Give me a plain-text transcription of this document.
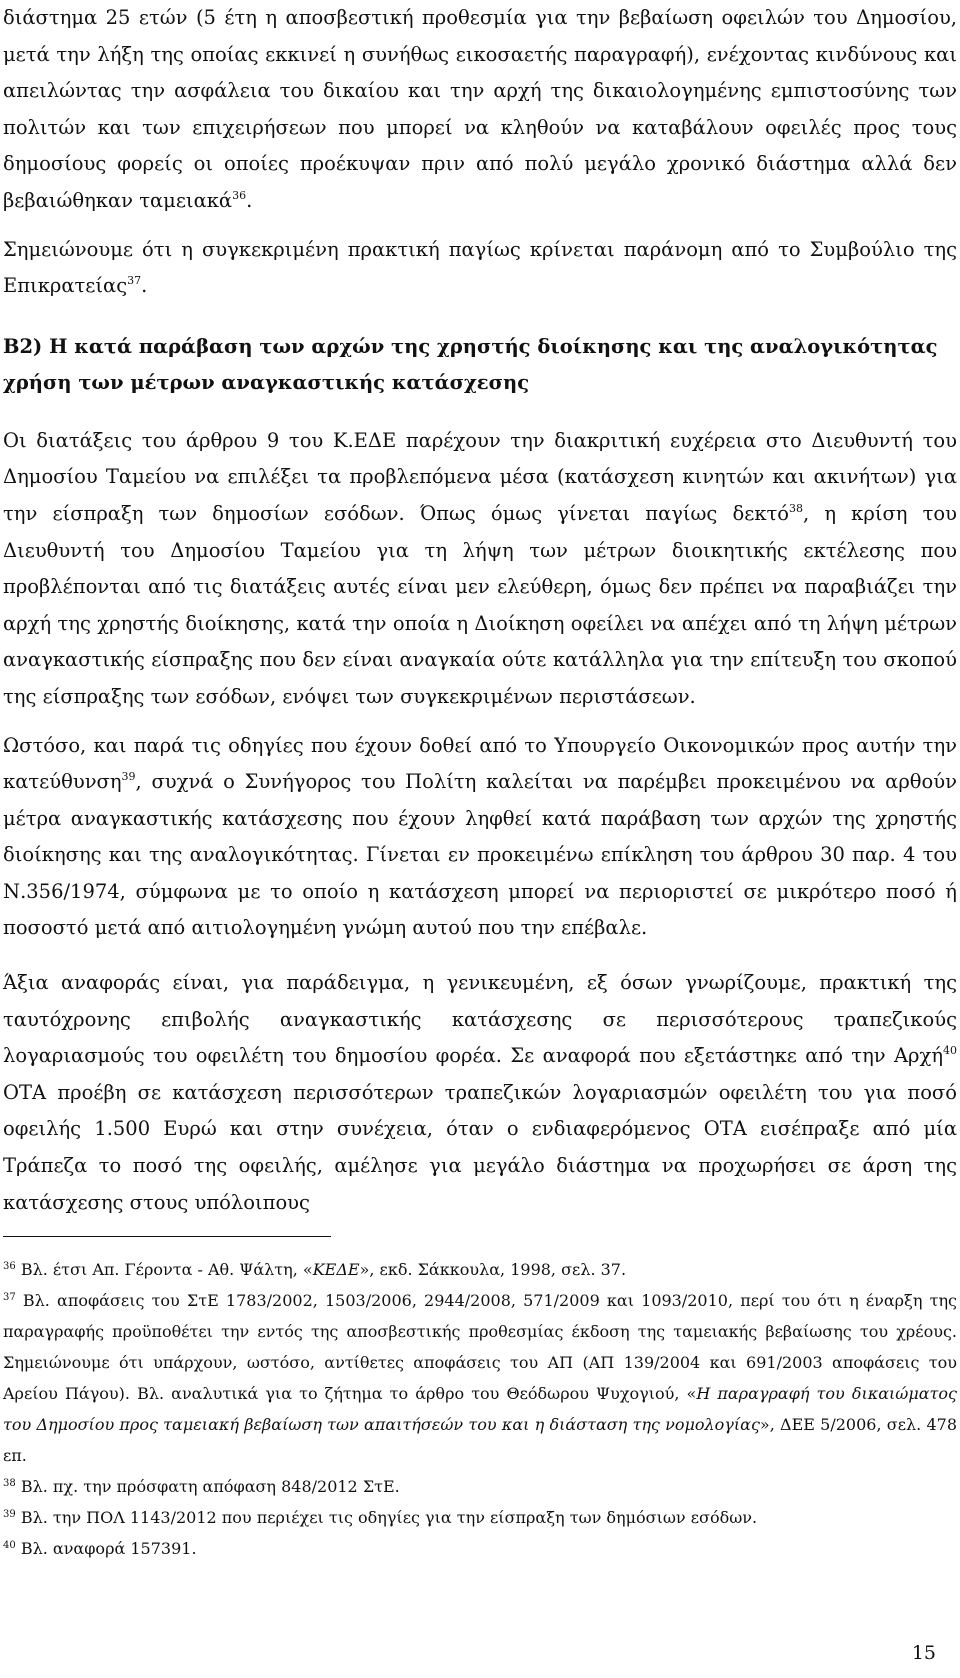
διάστημα 25 ετών (5 έτη η αποσβεστική προθεσμία για την βεβαίωση οφειλών του Δημοσίου, μετά την λήξη της οποίας εκκινεί η συνήθως εικοσαετής παραγραφή), ενέχοντας κινδύνους και απειλώντας την ασφάλεια του δικαίου και την αρχή της δικαιολογημένης εμπιστοσύνης των πολιτών και των επιχειρήσεων που μπορεί να κληθούν να καταβάλουν οφειλές προς τους δημοσίους φορείς οι οποίες προέκυψαν πριν από πολύ μεγάλο χρονικό διάστημα αλλά δεν βεβαιώθηκαν ταμειακά$^{36}$.

Σημειώνουμε ότι η συγκεκριμένη πρακτική παγίως κρίνεται παράνομη από το Συμβούλιο της Επικρατείας$^{37}$.

Β2) Η κατά παράβαση των αρχών της χρηστής διοίκησης και της αναλογικότητας χρήση των μέτρων αναγκαστικής κατάσχεσης

Οι διατάξεις του άρθρου 9 του Κ.ΕΔΕ παρέχουν την διακριτική ευχέρεια στο Διευθυντή του Δημοσίου Ταμείου να επιλέξει τα προβλεπόμενα μέσα (κατάσχεση κινητών και ακινήτων) για την είσπραξη των δημοσίων εσόδων. Όπως όμως γίνεται παγίως δεκτό$^{38}$, η κρίση του Διευθυντή του Δημοσίου Ταμείου για τη λήψη των μέτρων διοικητικής εκτέλεσης που προβλέπονται από τις διατάξεις αυτές είναι μεν ελεύθερη, όμως δεν πρέπει να παραβιάζει την αρχή της χρηστής διοίκησης, κατά την οποία η Διοίκηση οφείλει να απέχει από τη λήψη μέτρων αναγκαστικής είσπραξης που δεν είναι αναγκαία ούτε κατάλληλα για την επίτευξη του σκοπού της είσπραξης των εσόδων, ενόψει των συγκεκριμένων περιστάσεων.

Ωστόσο, και παρά τις οδηγίες που έχουν δοθεί από το Υπουργείο Οικονομικών προς αυτήν την κατεύθυνση$^{39}$, συχνά ο Συνήγορος του Πολίτη καλείται να παρέμβει προκειμένου να αρθούν μέτρα αναγκαστικής κατάσχεσης που έχουν ληφθεί κατά παράβαση των αρχών της χρηστής διοίκησης και της αναλογικότητας. Γίνεται εν προκειμένω επίκληση του άρθρου 30 παρ. 4 του Ν.356/1974, σύμφωνα με το οποίο η κατάσχεση μπορεί να περιοριστεί σε μικρότερο ποσό ή ποσοστό μετά από αιτιολογημένη γνώμη αυτού που την επέβαλε.

Άξια αναφοράς είναι, για παράδειγμα, η γενικευμένη, εξ όσων γνωρίζουμε, πρακτική της ταυτόχρονης επιβολής αναγκαστικής κατάσχεσης σε περισσότερους τραπεζικούς λογαριασμούς του οφειλέτη του δημοσίου φορέα. Σε αναφορά που εξετάστηκε από την Αρχή$^{40}$ ΟΤΑ προέβη σε κατάσχεση περισσότερων τραπεζικών λογαριασμών οφειλέτη του για ποσό οφειλής 1.500 Ευρώ και στην συνέχεια, όταν ο ενδιαφερόμενος ΟΤΑ εισέπραξε από μία Τράπεζα το ποσό της οφειλής, αμέλησε για μεγάλο διάστημα να προχωρήσει σε άρση της κατάσχεσης στους υπόλοιπους

$^{36}$ Βλ. έτσι Απ. Γέροντα - Αθ. Ψάλτη, «ΚΕΔΕ», εκδ. Σάκκουλα, 1998, σελ. 37.

$^{37}$ Βλ. αποφάσεις του ΣτΕ 1783/2002, 1503/2006, 2944/2008, 571/2009 και 1093/2010, περί του ότι η έναρξη της παραγραφής προϋποθέτει την εντός της αποσβεστικής προθεσμίας έκδοση της ταμειακής βεβαίωσης του χρέους. Σημειώνουμε ότι υπάρχουν, ωστόσο, αντίθετες αποφάσεις του ΑΠ (ΑΠ 139/2004 και 691/2003 αποφάσεις του Αρείου Πάγου). Βλ. αναλυτικά για το ζήτημα το άρθρο του Θεόδωρου Ψυχογιού, «Η παραγραφή του δικαιώματος του Δημοσίου προς ταμειακή βεβαίωση των απαιτήσεών του και η διάσταση της νομολογίας», ΔΕΕ 5/2006, σελ. 478 επ.

$^{38}$ Βλ. πχ. την πρόσφατη απόφαση 848/2012 ΣτΕ.

$^{39}$ Βλ. την ΠΟΛ 1143/2012 που περιέχει τις οδηγίες για την είσπραξη των δημόσιων εσόδων.

$^{40}$ Βλ. αναφορά 157391.

15
